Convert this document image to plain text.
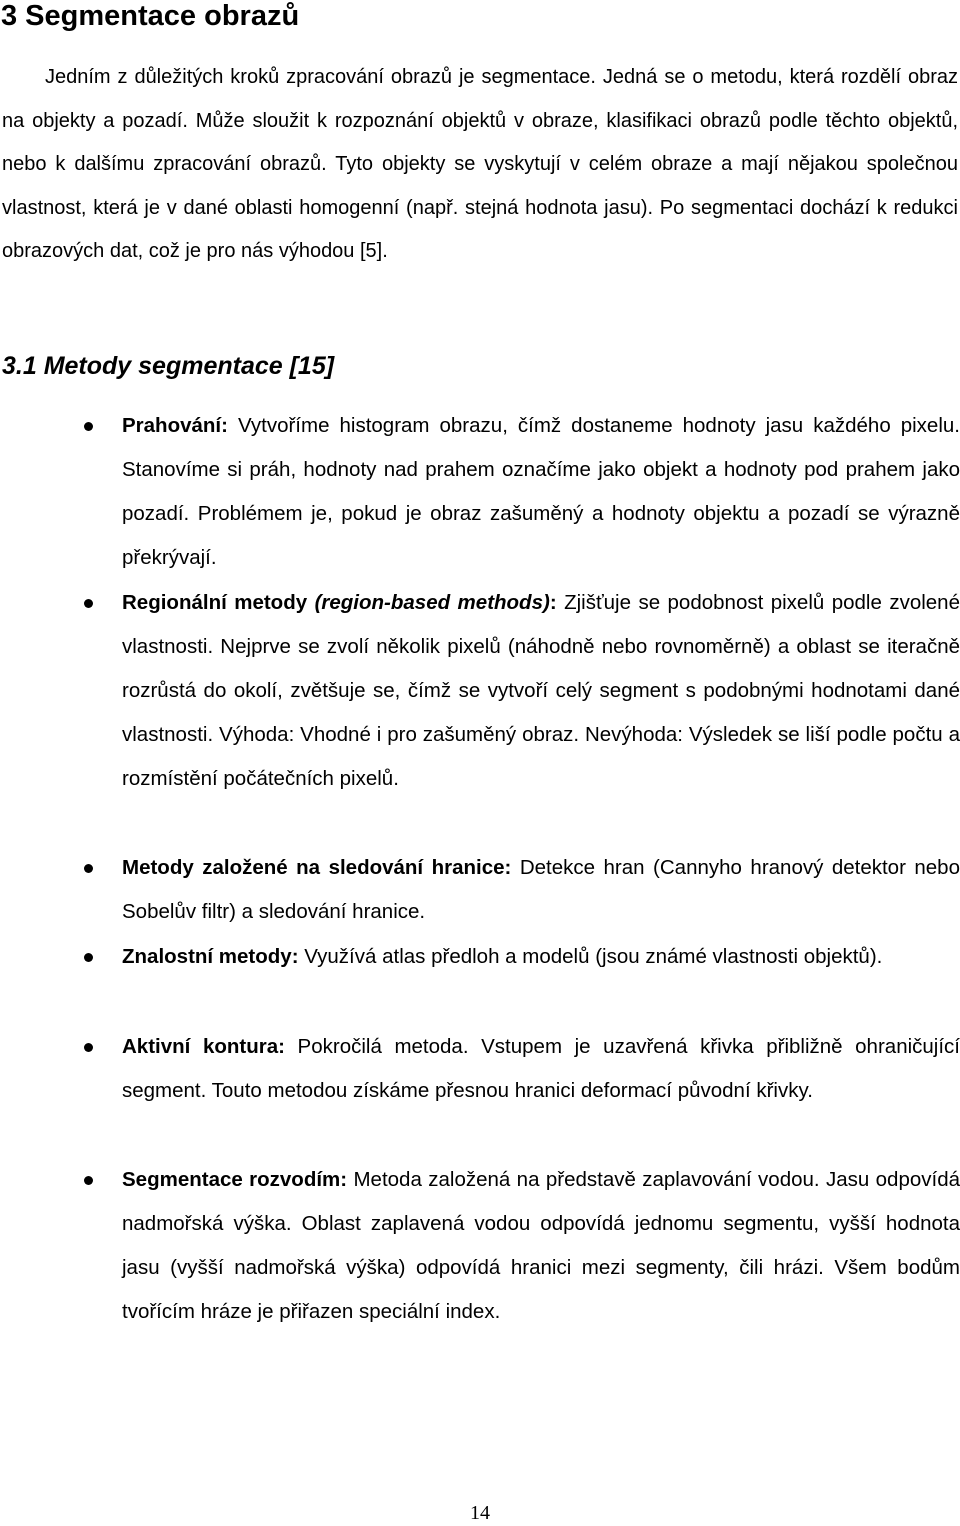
3 Segmentace obrazů

Jedním z důležitých kroků zpracování obrazů je segmentace. Jedná se o metodu, která rozdělí obraz na objekty a pozadí. Může sloužit k rozpoznání objektů v obraze, klasifikaci obrazů podle těchto objektů, nebo k dalšímu zpracování obrazů. Tyto objekty se vyskytují v celém obraze a mají nějakou společnou vlastnost, která je v dané oblasti homogenní (např. stejná hodnota jasu). Po segmentaci dochází k redukci obrazových dat, což je pro nás výhodou [5].

3.1 Metody segmentace [15]
Prahování: Vytvoříme histogram obrazu, čímž dostaneme hodnoty jasu každého pixelu. Stanovíme si práh, hodnoty nad prahem označíme jako objekt a hodnoty pod prahem jako pozadí. Problémem je, pokud je obraz zašuměný a hodnoty objektu a pozadí se výrazně překrývají.
Regionální metody (region-based methods): Zjišťuje se podobnost pixelů podle zvolené vlastnosti. Nejprve se zvolí několik pixelů (náhodně nebo rovnoměrně) a oblast se iteračně rozrůstá do okolí, zvětšuje se, čímž se vytvoří celý segment s podobnými hodnotami dané vlastnosti. Výhoda: Vhodné i pro zašuměný obraz. Nevýhoda: Výsledek se liší podle počtu a rozmístění počátečních pixelů.
Metody založené na sledování hranice: Detekce hran (Cannyho hranový detektor nebo Sobelův filtr) a sledování hranice.
Znalostní metody: Využívá atlas předloh a modelů (jsou známé vlastnosti objektů).
Aktivní kontura: Pokročilá metoda. Vstupem je uzavřená křivka přibližně ohraničující segment. Touto metodou získáme přesnou hranici deformací původní křivky.
Segmentace rozvodím: Metoda založená na představě zaplavování vodou. Jasu odpovídá nadmořská výška. Oblast zaplavená vodou odpovídá jednomu segmentu, vyšší hodnota jasu (vyšší nadmořská výška) odpovídá hranici mezi segmenty, čili hrázi. Všem bodům tvořícím hráze je přiřazen speciální index.
14
